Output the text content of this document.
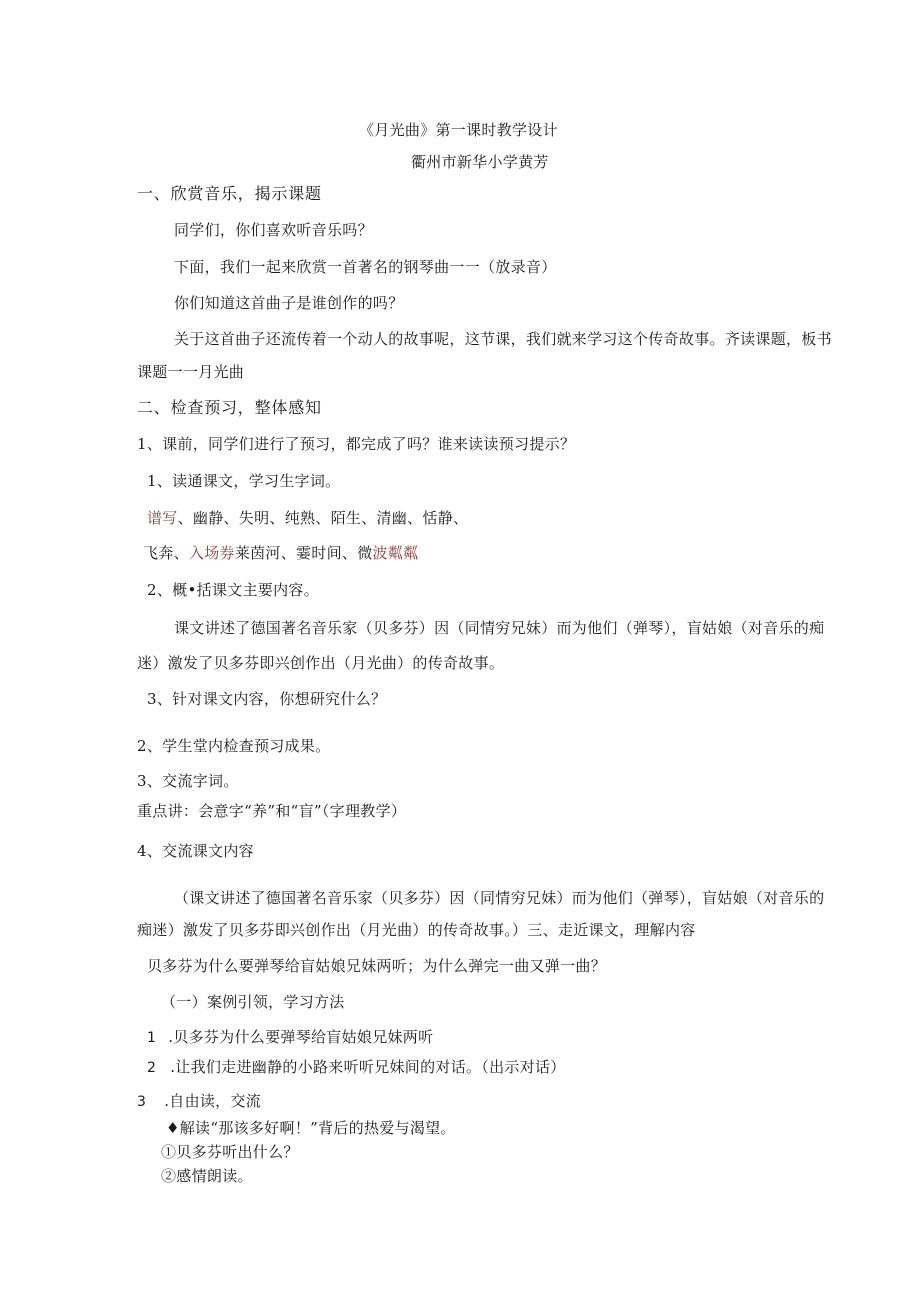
《月光曲》第一课时教学设计
衢州市新华小学黄芳
一、欣赏音乐，揭示课题
同学们，你们喜欢听音乐吗？
下面，我们一起来欣赏一首著名的钢琴曲一一（放录音）
你们知道这首曲子是谁创作的吗？
关于这首曲子还流传着一个动人的故事呢，这节课，我们就来学习这个传奇故事。齐读课题，板书
课题一一月光曲
二、检查预习，整体感知
1、课前，同学们进行了预习，都完成了吗？谁来读读预习提示？
1、读通课文，学习生字词。
谱写、幽静、失明、纯熟、陌生、清幽、恬静、
飞奔、入场券莱茵河、霎时间、微波粼粼
2、概•括课文主要内容。
课文讲述了德国著名音乐家（贝多芬）因（同情穷兄妹）而为他们（弹琴），盲姑娘（对音乐的痴
迷）激发了贝多芬即兴创作出（月光曲）的传奇故事。
3、针对课文内容，你想研究什么？
2、学生堂内检查预习成果。
3、交流字词。
重点讲：会意字“养”和“盲”（字理教学）
4、交流课文内容
（课文讲述了德国著名音乐家（贝多芬）因（同情穷兄妹）而为他们（弹琴），盲姑娘（对音乐的
痴迷）激发了贝多芬即兴创作出（月光曲）的传奇故事。）三、走近课文，理解内容
贝多芬为什么要弹琴给盲姑娘兄妹两听；为什么弹完一曲又弹一曲？
（一）案例引领，学习方法
1 .贝多芬为什么要弹琴给盲姑娘兄妹两听
2 .让我们走进幽静的小路来听听兄妹间的对话。（出示对话）
3 .自由读，交流
♦解读“那该多好啊！”背后的热爱与渴望。
①贝多芬听出什么？
②感情朗读。
